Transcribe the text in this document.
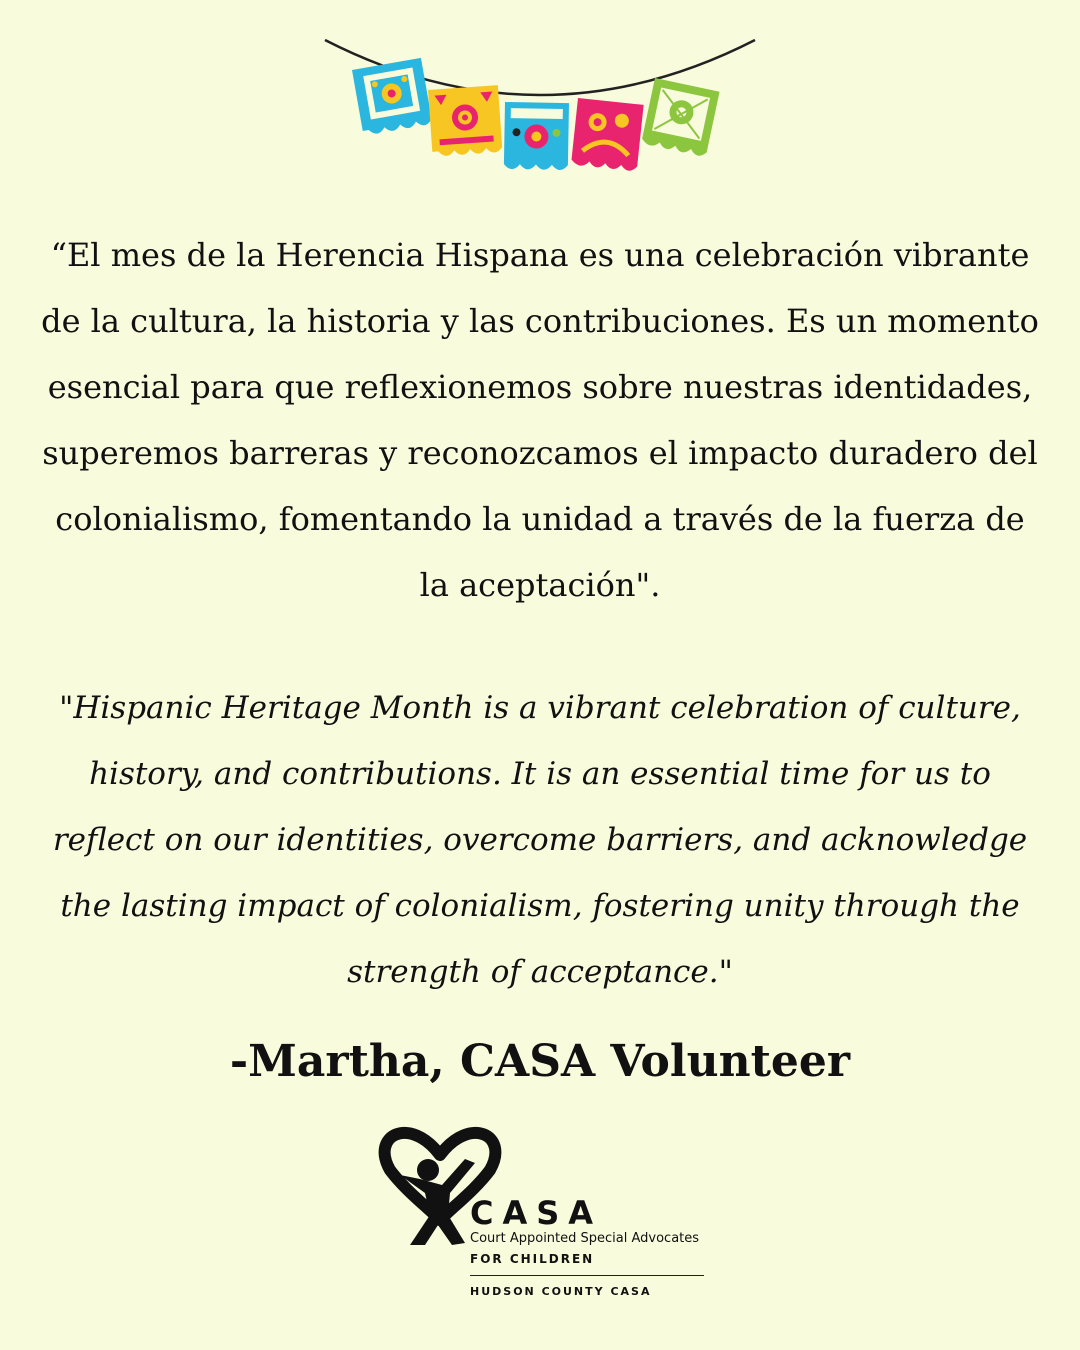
“El mes de la Herencia Hispana es una celebración vibrante de la cultura, la historia y las contribuciones. Es un momento esencial para que reflexionemos sobre nuestras identidades, superemos barreras y reconozcamos el impacto duradero del colonialismo, fomentando la unidad a través de la fuerza de la aceptación".

"Hispanic Heritage Month is a vibrant celebration of culture, history, and contributions. It is an essential time for us to reflect on our identities, overcome barriers, and acknowledge the lasting impact of colonialism, fostering unity through the strength of acceptance."

-Martha, CASA Volunteer

® CASA
Court Appointed Special Advocates
FOR CHILDREN
HUDSON COUNTY CASA
